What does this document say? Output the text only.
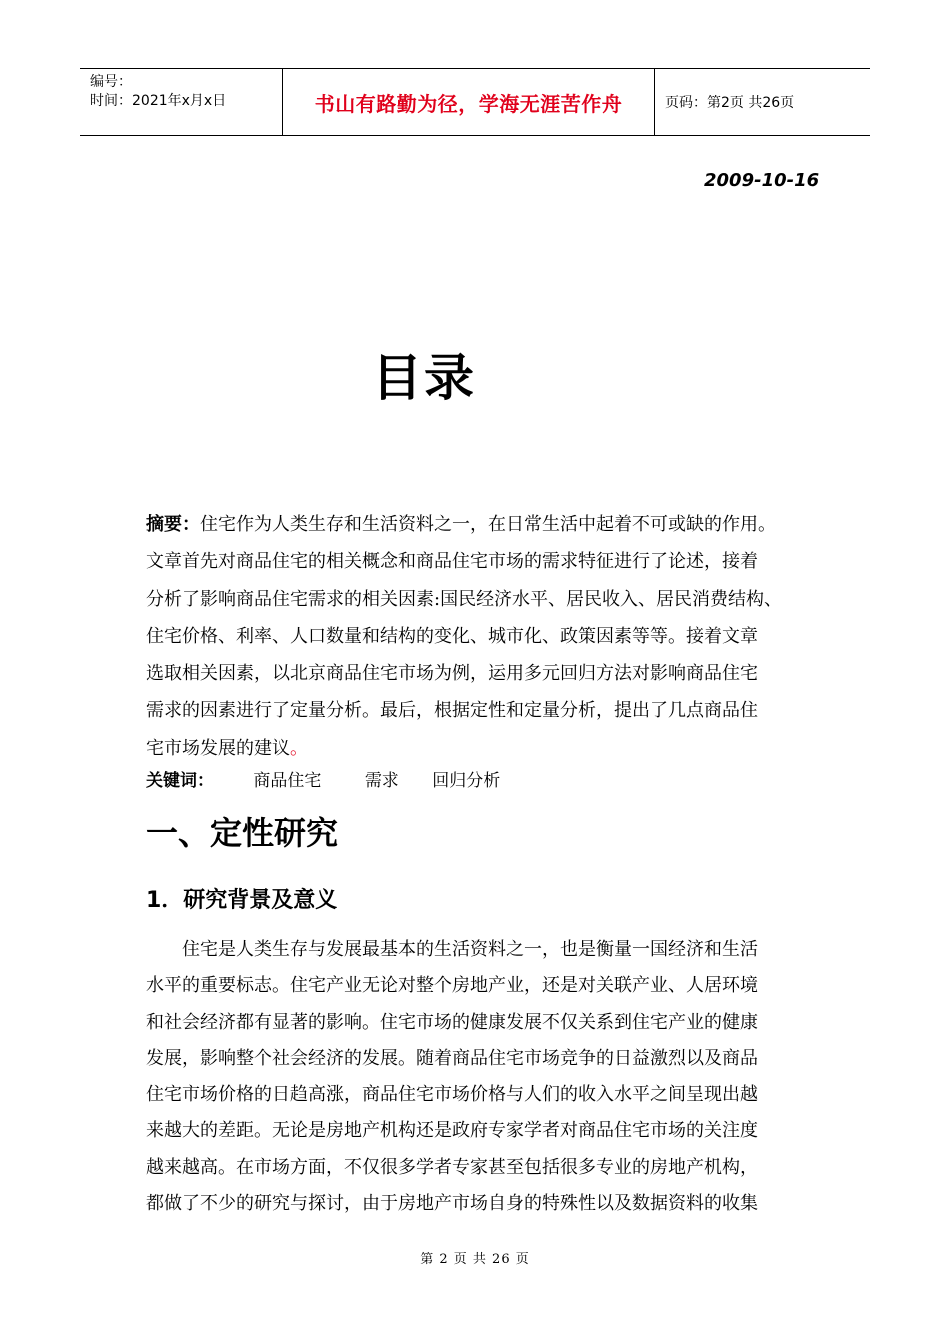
编号：
时间：2021年x月x日	书山有路勤为径，学海无涯苦作舟	页码：第2页 共26页
2009-10-16
目录
摘要：住宅作为人类生存和生活资料之一，在日常生活中起着不可或缺的作用。
文章首先对商品住宅的相关概念和商品住宅市场的需求特征进行了论述，接着
分析了影响商品住宅需求的相关因素:国民经济水平、居民收入、居民消费结构、
住宅价格、利率、人口数量和结构的变化、城市化、政策因素等等。接着文章
选取相关因素，以北京商品住宅市场为例，运用多元回归方法对影响商品住宅
需求的因素进行了定量分析。最后，根据定性和定量分析，提出了几点商品住
宅市场发展的建议。
关键词： 商品住宅	需求 回归分析
一、定性研究
1．研究背景及意义
住宅是人类生存与发展最基本的生活资料之一，也是衡量一国经济和生活
水平的重要标志。住宅产业无论对整个房地产业，还是对关联产业、人居环境
和社会经济都有显著的影响。住宅市场的健康发展不仅关系到住宅产业的健康
发展，影响整个社会经济的发展。随着商品住宅市场竞争的日益激烈以及商品
住宅市场价格的日趋高涨，商品住宅市场价格与人们的收入水平之间呈现出越
来越大的差距。无论是房地产机构还是政府专家学者对商品住宅市场的关注度
越来越高。在市场方面，不仅很多学者专家甚至包括很多专业的房地产机构，
都做了不少的研究与探讨，由于房地产市场自身的特殊性以及数据资料的收集
第 2 页 共 26 页
